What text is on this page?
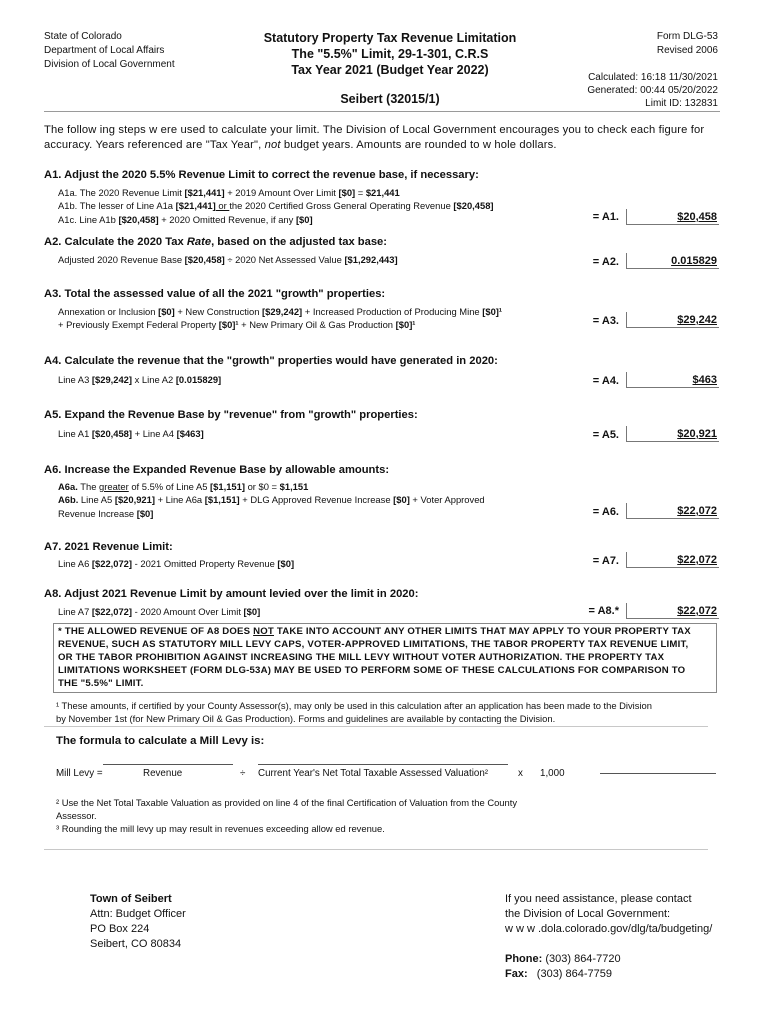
State of Colorado
Department of Local Affairs
Division of Local Government
Statutory Property Tax Revenue Limitation
The "5.5%" Limit, 29-1-301, C.R.S
Tax Year 2021 (Budget Year 2022)
Form DLG-53
Revised 2006
Calculated: 16:18 11/30/2021
Generated: 00:44 05/20/2022
Limit ID: 132831
Seibert (32015/1)
The follow ing steps w ere used to calculate your limit. The Division of Local Government encourages you to check each figure for
accuracy. Years referenced are "Tax Year", not budget years. Amounts are rounded to w hole dollars.
A1. Adjust the 2020 5.5% Revenue Limit to correct the revenue base, if necessary:
A1a. The 2020 Revenue Limit [$21,441] + 2019 Amount Over Limit [$0] = $21,441
A1b. The lesser of Line A1a [$21,441] or the 2020 Certified Gross General Operating Revenue [$20,458]
A1c. Line A1b [$20,458] + 2020 Omitted Revenue, if any [$0]	= A1.	$20,458
A2. Calculate the 2020 Tax Rate, based on the adjusted tax base:
Adjusted 2020 Revenue Base [$20,458] ÷ 2020 Net Assessed Value [$1,292,443]	= A2.	0.015829
A3. Total the assessed value of all the 2021 "growth" properties:
Annexation or Inclusion [$0] + New Construction [$29,242] + Increased Production of Producing Mine [$0]¹
+ Previously Exempt Federal Property [$0]¹ + New Primary Oil & Gas Production [$0]¹	= A3.	$29,242
A4. Calculate the revenue that the "growth" properties would have generated in 2020:
Line A3 [$29,242] x Line A2 [0.015829]	= A4.	$463
A5. Expand the Revenue Base by "revenue" from "growth" properties:
Line A1 [$20,458] + Line A4 [$463]	= A5.	$20,921
A6. Increase the Expanded Revenue Base by allowable amounts:
A6a. The greater of 5.5% of Line A5 [$1,151] or $0 = $1,151
A6b. Line A5 [$20,921] + Line A6a [$1,151] + DLG Approved Revenue Increase [$0] + Voter Approved
Revenue Increase [$0]	= A6.	$22,072
A7. 2021 Revenue Limit:
Line A6 [$22,072] - 2021 Omitted Property Revenue [$0]	= A7.	$22,072
A8. Adjust 2021 Revenue Limit by amount levied over the limit in 2020:
Line A7 [$22,072] - 2020 Amount Over Limit [$0]	= A8.*	$22,072
* THE ALLOWED REVENUE OF A8 DOES NOT TAKE INTO ACCOUNT ANY OTHER LIMITS THAT MAY APPLY TO YOUR PROPERTY TAX
REVENUE, SUCH AS STATUTORY MILL LEVY CAPS, VOTER-APPROVED LIMITATIONS, THE TABOR PROPERTY TAX REVENUE LIMIT,
OR THE TABOR PROHIBITION AGAINST INCREASING THE MILL LEVY WITHOUT VOTER AUTHORIZATION. THE PROPERTY TAX
LIMITATIONS WORKSHEET (FORM DLG-53A) MAY BE USED TO PERFORM SOME OF THESE CALCULATIONS FOR COMPARISON TO
THE "5.5%" LIMIT.
¹ These amounts, if certified by your County Assessor(s), may only be used in this calculation after an application has been made to the Division
by November 1st (for New Primary Oil & Gas Production). Forms and guidelines are available by contacting the Division.
The formula to calculate a Mill Levy is:
Mill Levy =	Revenue	÷ Current Year's Net Total Taxable Assessed Valuation²	x 1,000
² Use the Net Total Taxable Valuation as provided on line 4 of the final Certification of Valuation from the County
Assessor.
³ Rounding the mill levy up may result in revenues exceeding allow ed revenue.
Town of Seibert
Attn: Budget Officer
PO Box 224
Seibert, CO 80834
If you need assistance, please contact
the Division of Local Government:
w w w .dola.colorado.gov/dlg/ta/budgeting/
Phone: (303) 864-7720
Fax:   (303) 864-7759
